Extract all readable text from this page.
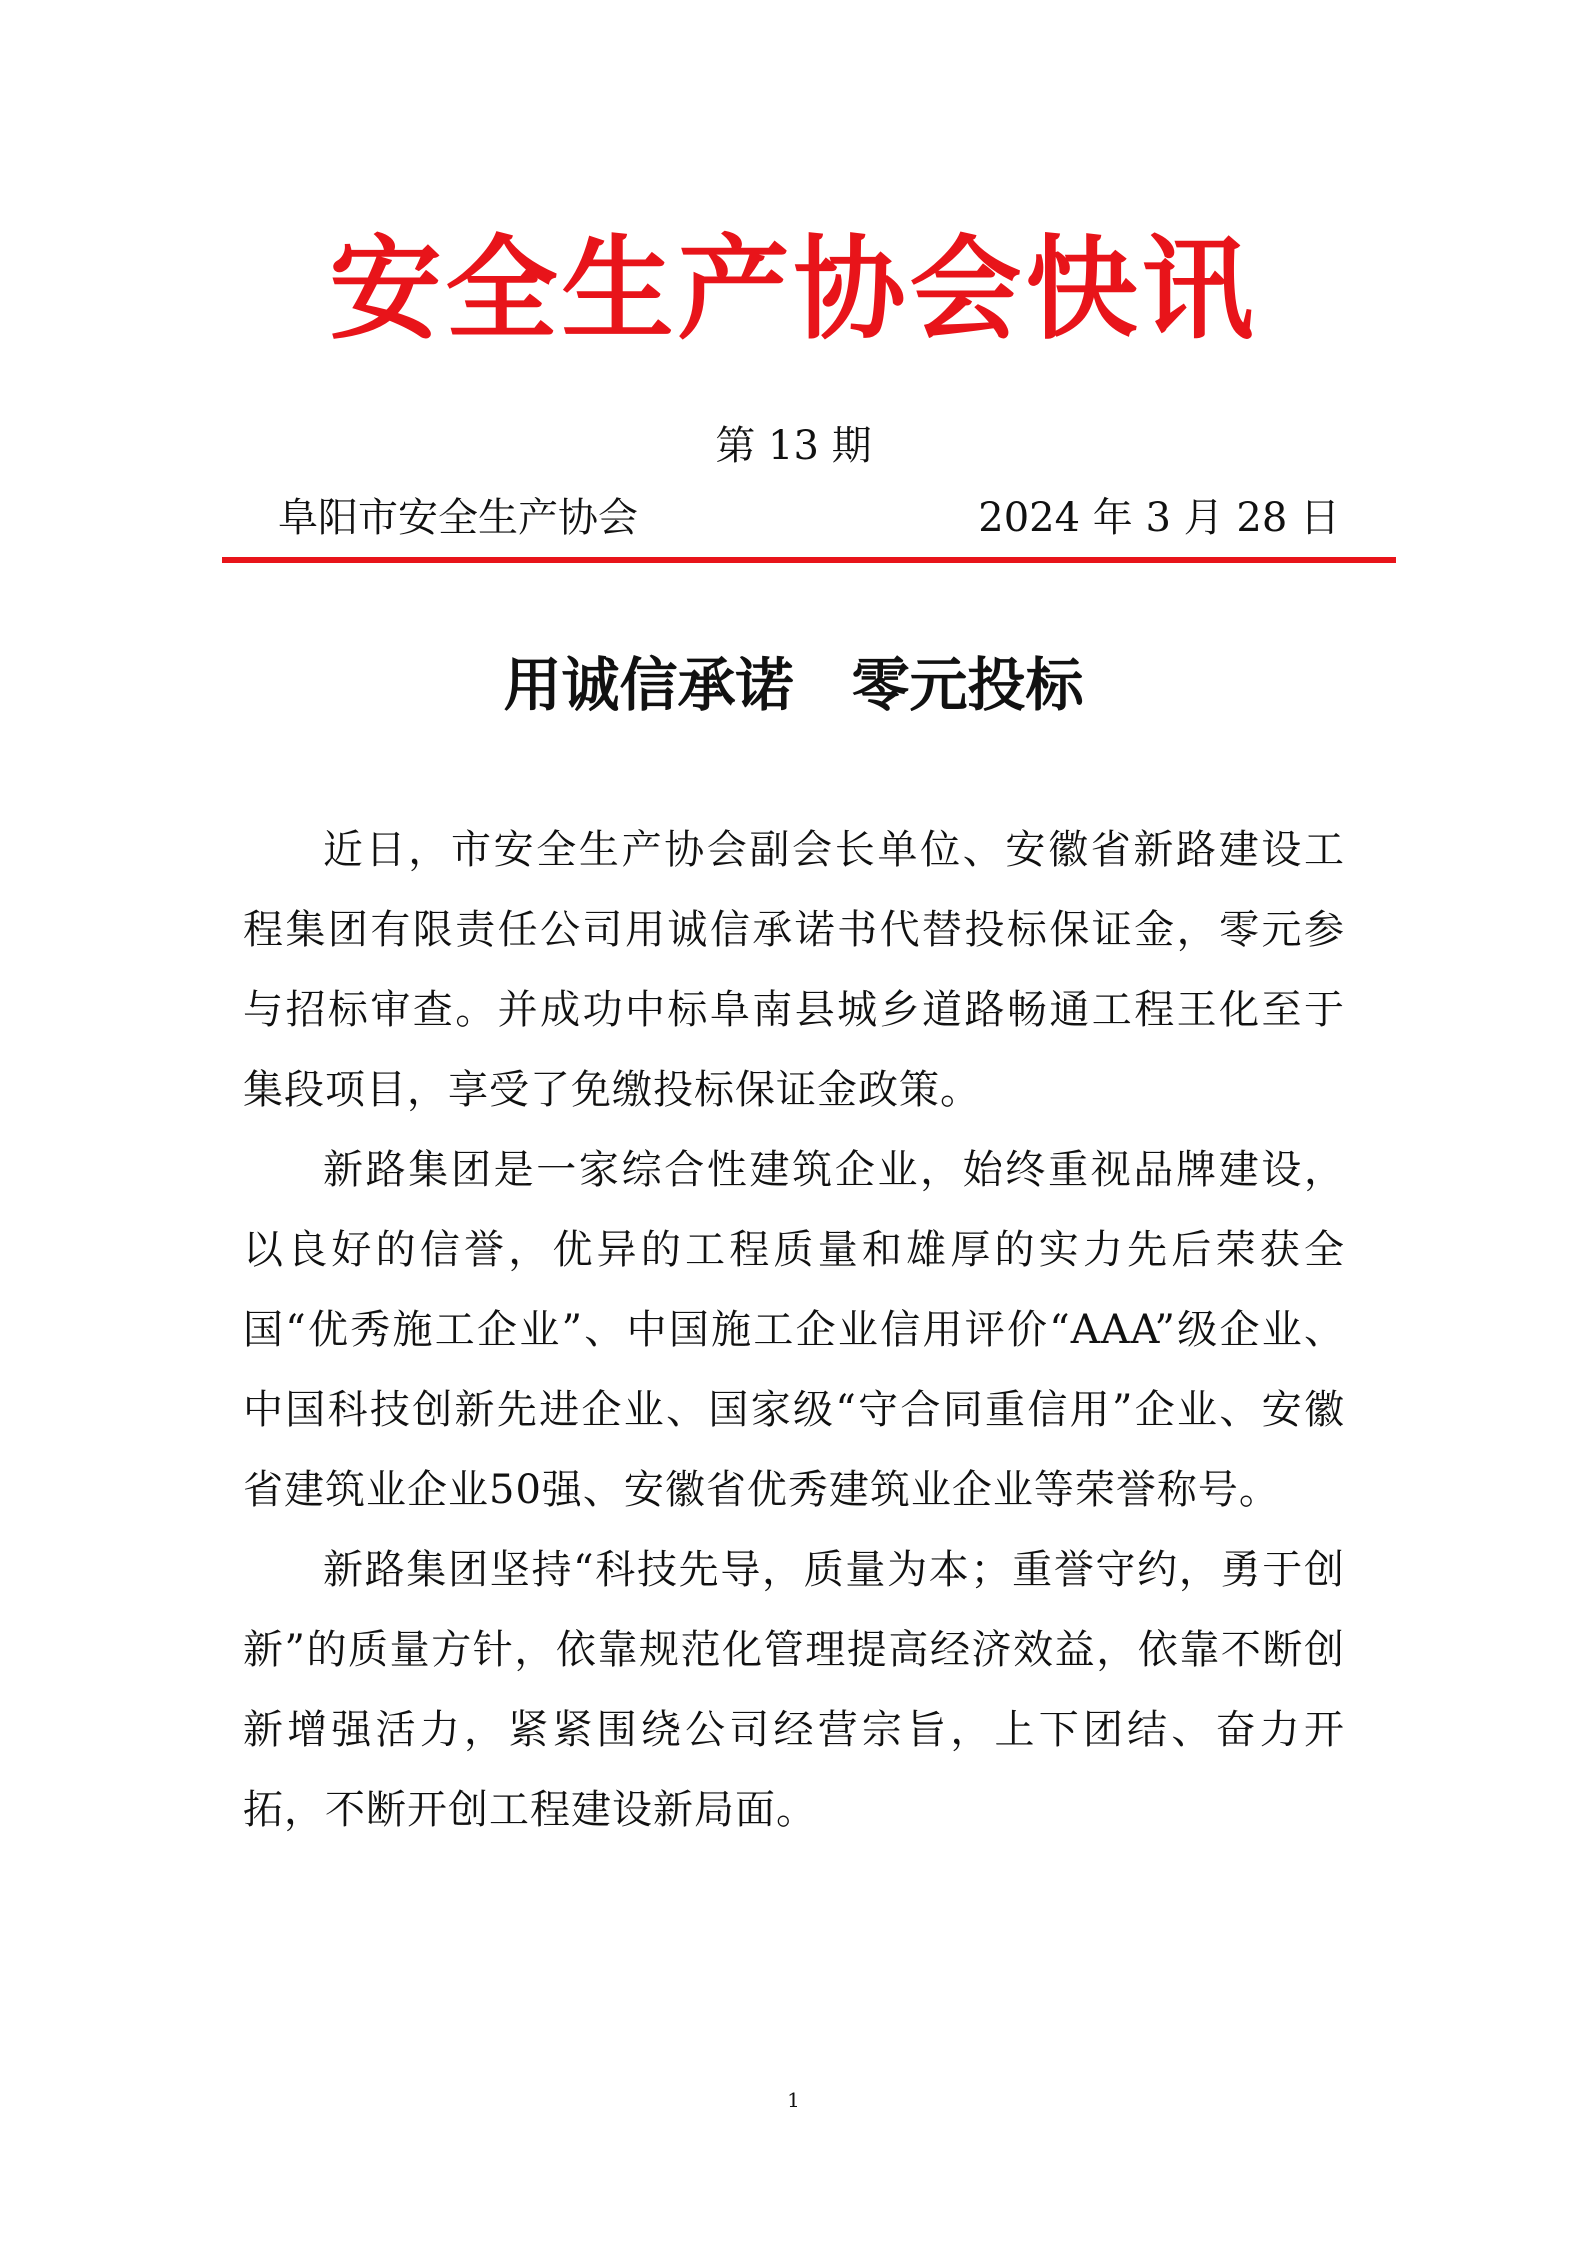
安全生产协会快讯
第 13 期
阜阳市安全生产协会	2024 年 3 月 28 日
用诚信承诺　零元投标

近日，市安全生产协会副会长单位、安徽省新路建设工程集团有限责任公司用诚信承诺书代替投标保证金，零元参与招标审查。并成功中标阜南县城乡道路畅通工程王化至于集段项目，享受了免缴投标保证金政策。

新路集团是一家综合性建筑企业，始终重视品牌建设，以良好的信誉，优异的工程质量和雄厚的实力先后荣获全国“优秀施工企业”、中国施工企业信用评价“AAA”级企业、中国科技创新先进企业、国家级“守合同重信用”企业、安徽省建筑业企业50强、安徽省优秀建筑业企业等荣誉称号。

新路集团坚持“科技先导，质量为本；重誉守约，勇于创新”的质量方针，依靠规范化管理提高经济效益，依靠不断创新增强活力，紧紧围绕公司经营宗旨，上下团结、奋力开拓，不断开创工程建设新局面。

1
